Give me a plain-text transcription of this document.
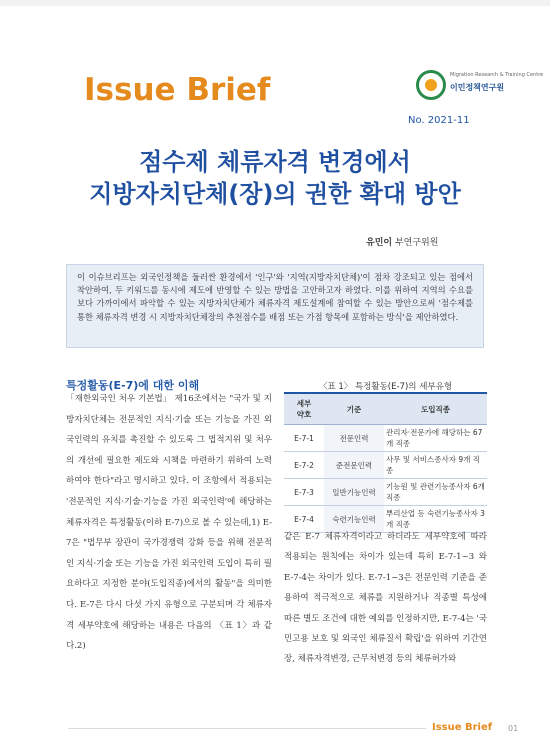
Issue Brief	Migration Research & Training Centre
이민정책연구원
No. 2021-11
점수제 체류자격 변경에서
지방자치단체(장)의 권한 확대 방안
유민이 부연구위원
이 이슈브리프는 외국인정책을 둘러싼 환경에서 '인구'와 '지역(지방자치단체)'이 점차 강조되고 있는 점에서 착안하여, 두 키워드를 동시에 제도에 반영할 수 있는 방법을 고안하고자 하였다. 이를 위하여 지역의 수요를 보다 가까이에서 파악할 수 있는 지방자치단체가 체류자격 제도설계에 참여할 수 있는 방안으로써 '점수제를 통한 체류자격 변경 시 지방자치단체장의 추천점수를 배점 또는 가점 항목에 포함하는 방식'을 제안하였다.
특정활동(E-7)에 대한 이해
「재한외국인 처우 기본법」 제16조에서는 "국가 및 지방자치단체는 전문적인 지식·기술 또는 기능을 가진 외국인력의 유치를 촉진할 수 있도록 그 법적지위 및 처우의 개선에 필요한 제도와 시책을 마련하기 위하여 노력하여야 한다"라고 명시하고 있다. 이 조항에서 적용되는 '전문적인 지식·기술·기능을 가진 외국인력'에 해당하는 체류자격은 특정활동(이하 E-7)으로 볼 수 있는데,1) E-7은 "법무부 장관이 국가경쟁력 강화 등을 위해 전문적인 지식·기술 또는 기능을 가진 외국인력 도입이 특히 필요하다고 지정한 분야(도입직종)에서의 활동"을 의미한다. E-7은 다시 다섯 가지 유형으로 구분되며 각 체류자격 세부약호에 해당하는 내용은 다음의 〈표 1〉과 같다.2)
〈표 1〉 특정활동(E-7)의 세부유형
세부
약호	기준	도입직종
E-7-1	전문인력	관리자·전문가에 해당하는 67개 직종
E-7-2	준전문인력	사무 및 서비스종사자 9개 직종
E-7-3	일반기능인력	기능원 및 관련기능종사자 6개 직종
E-7-4	숙련기능인력	뿌리산업 등 숙련기능종사자 3개 직종
같은 E-7 체류자격이라고 하더라도 세부약호에 따라 적용되는 원칙에는 차이가 있는데 특히 E-7-1~3 와 E-7-4는 차이가 있다. E-7-1~3은 전문인력 기준을 준용하여 적극적으로 체류를 지원하거나 직종별 특성에 따른 별도 조건에 대한 예외를 인정하지만, E-7-4는 '국민고용 보호 및 외국인 체류질서 확립'을 위하여 기간연장, 체류자격변경, 근무처변경 등의 체류허가와
Issue Brief 01
